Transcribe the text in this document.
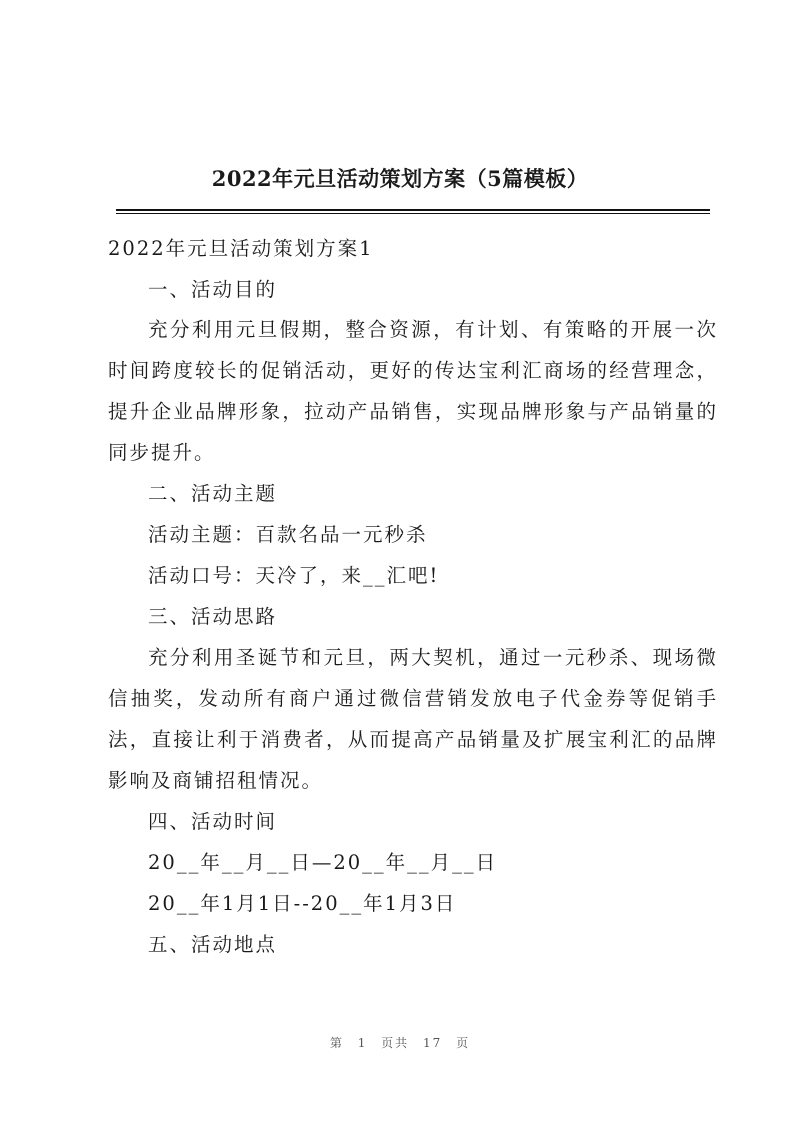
2022年元旦活动策划方案（5篇模板）
2022年元旦活动策划方案1
一、活动目的
充分利用元旦假期，整合资源，有计划、有策略的开展一次
时间跨度较长的促销活动，更好的传达宝利汇商场的经营理念，
提升企业品牌形象，拉动产品销售，实现品牌形象与产品销量的
同步提升。
二、活动主题
活动主题：百款名品一元秒杀
活动口号：天冷了，来__汇吧!
三、活动思路
充分利用圣诞节和元旦，两大契机，通过一元秒杀、现场微
信抽奖，发动所有商户通过微信营销发放电子代金券等促销手
法，直接让利于消费者，从而提高产品销量及扩展宝利汇的品牌
影响及商铺招租情况。
四、活动时间
20__年__月__日—20__年__月__日
20__年1月1日--20__年1月3日
五、活动地点
第 1 页共 17 页
